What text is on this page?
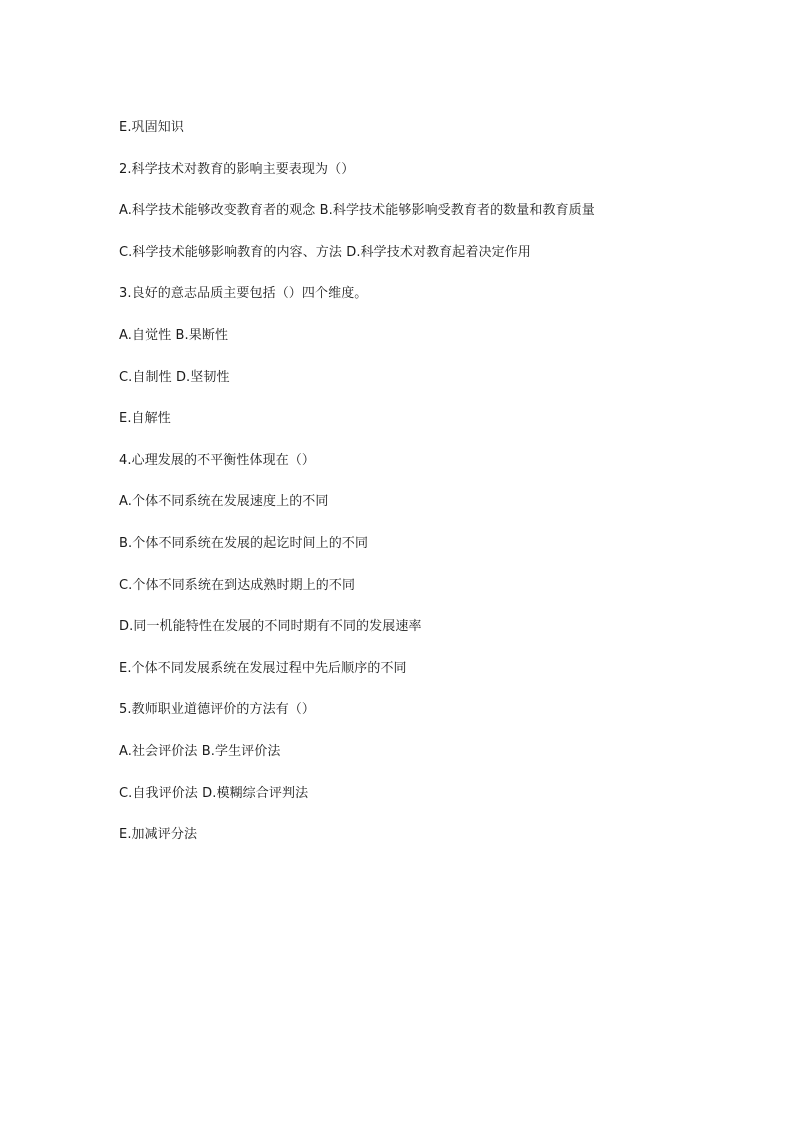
E.巩固知识
2.科学技术对教育的影响主要表现为（）
A.科学技术能够改变教育者的观念 B.科学技术能够影响受教育者的数量和教育质量
C.科学技术能够影响教育的内容、方法 D.科学技术对教育起着决定作用
3.良好的意志品质主要包括（）四个维度。
A.自觉性 B.果断性
C.自制性 D.坚韧性
E.自解性
4.心理发展的不平衡性体现在（）
A.个体不同系统在发展速度上的不同
B.个体不同系统在发展的起讫时间上的不同
C.个体不同系统在到达成熟时期上的不同
D.同一机能特性在发展的不同时期有不同的发展速率
E.个体不同发展系统在发展过程中先后顺序的不同
5.教师职业道德评价的方法有（）
A.社会评价法 B.学生评价法
C.自我评价法 D.模糊综合评判法
E.加减评分法
